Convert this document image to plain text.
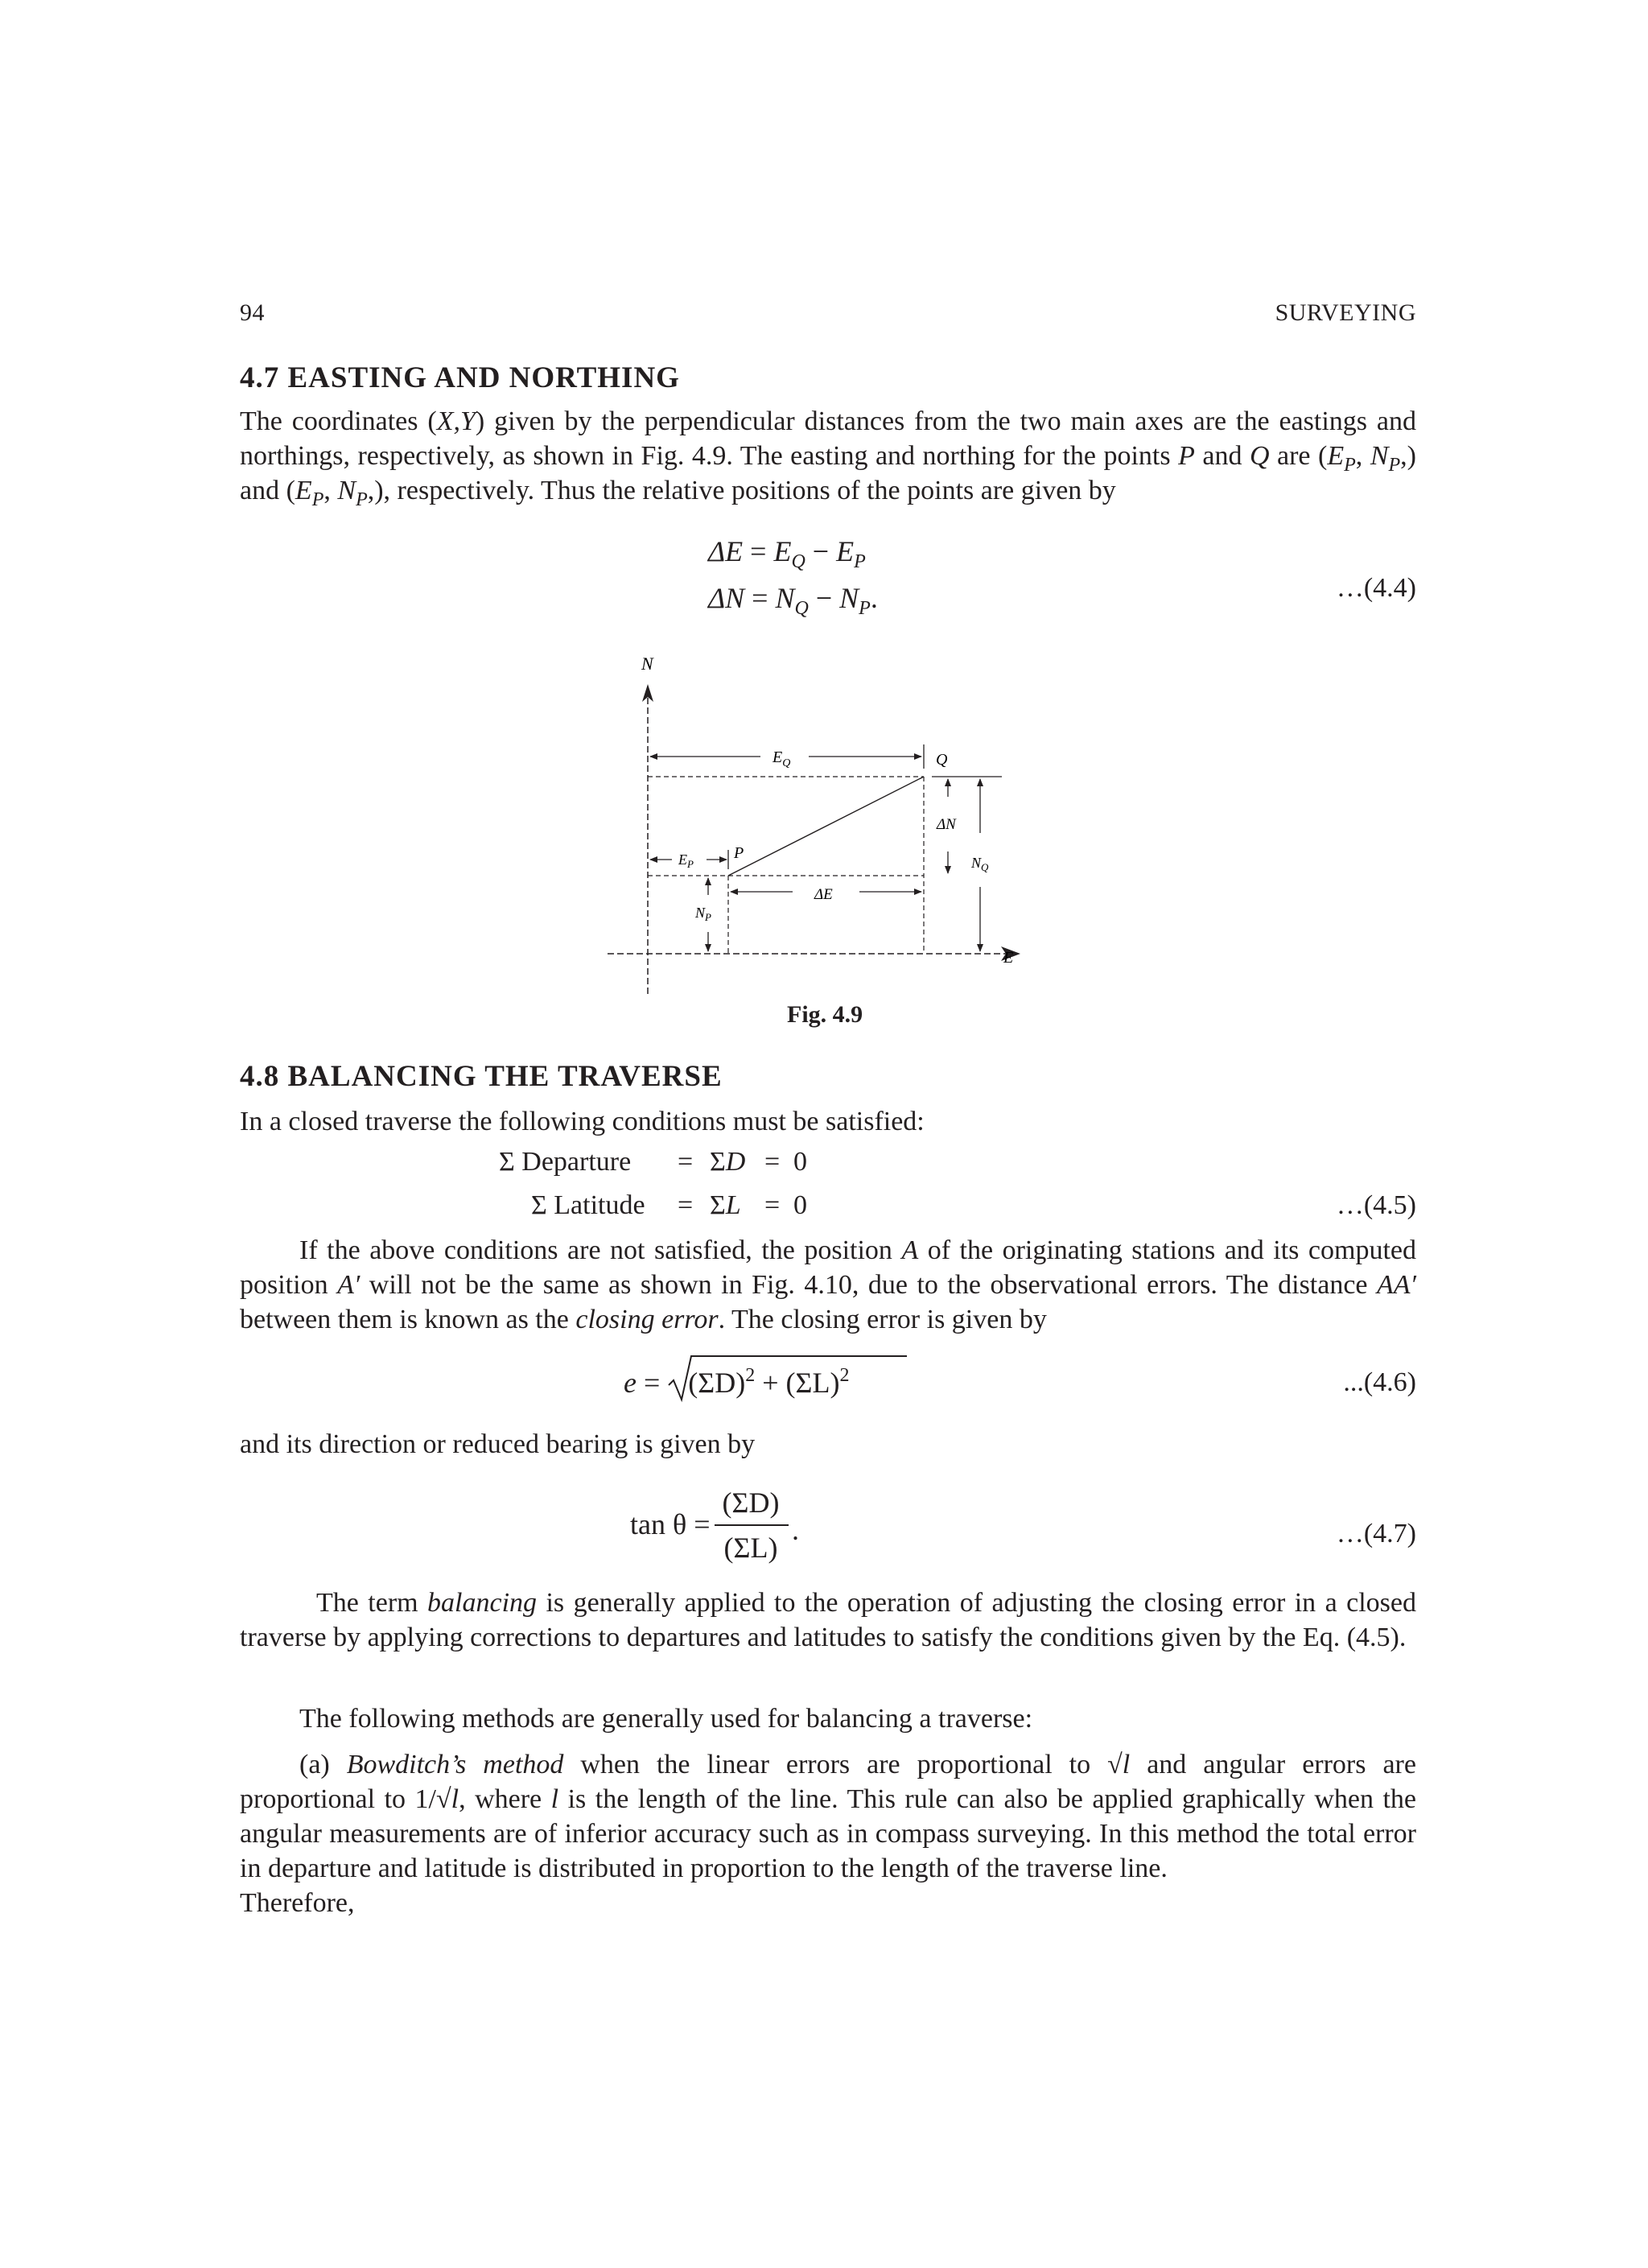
94	SURVEYING
4.7 EASTING AND NORTHING
The coordinates (X,Y) given by the perpendicular distances from the two main axes are the eastings and northings, respectively, as shown in Fig. 4.9. The easting and northing for the points P and Q are ($E_P$, $N_P$,) and ($E_P$, $N_P$,), respectively. Thus the relative positions of the points are given by
$\Delta E = E_Q - E_P$
$\Delta N = N_Q - N_P$.	…(4.4)
N
E
$E_Q$	Q
$E_P$
P
ΔE
$N_P$
ΔN
$N_Q$
Fig. 4.9
4.8 BALANCING THE TRAVERSE
In a closed traverse the following conditions must be satisfied:
Σ Departure = ΣD = 0
Σ Latitude = ΣL = 0	…(4.5)
If the above conditions are not satisfied, the position A of the originating stations and its computed position A′ will not be the same as shown in Fig. 4.10, due to the observational errors. The distance AA′ between them is known as the closing error. The closing error is given by
e =
$(\Sigma D)^2 + (\Sigma L)^2$	...(4.6)
and its direction or reduced bearing is given by
tan θ =
(ΣD)
(ΣL)
.	…(4.7)
The term balancing is generally applied to the operation of adjusting the closing error in a closed traverse by applying corrections to departures and latitudes to satisfy the conditions given by the Eq. (4.5).
The following methods are generally used for balancing a traverse:
(a) Bowditch’s method when the linear errors are proportional to √l and angular errors are proportional to 1/√l, where l is the length of the line. This rule can also be applied graphically when the angular measurements are of inferior accuracy such as in compass surveying. In this method the total error in departure and latitude is distributed in proportion to the length of the traverse line.
Therefore,
